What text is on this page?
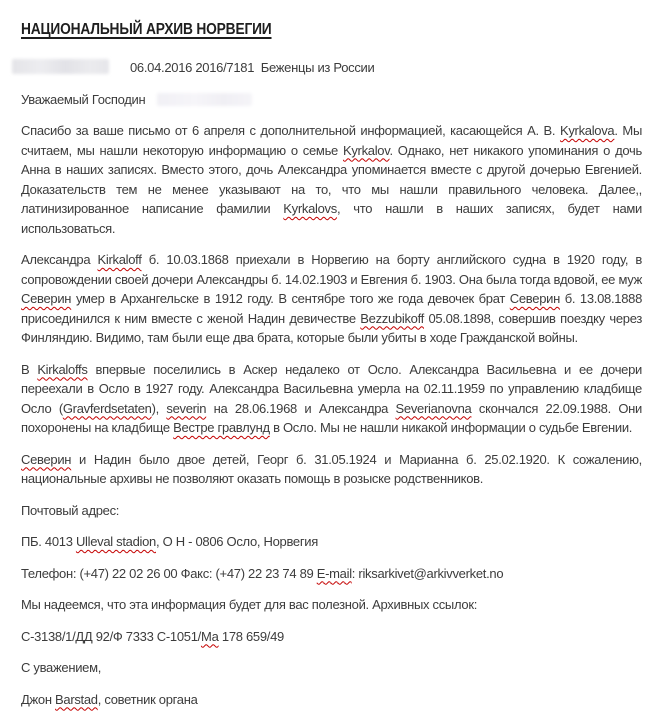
НАЦИОНАЛЬНЫЙ АРХИВ НОРВЕГИИ
06.04.2016 2016/7181  Беженцы из России
Уважаемый Господин

Спасибо за ваше письмо от 6 апреля с дополнительной информацией, касающейся А. В. Kyrkalova. Мы считаем, мы нашли некоторую информацию о семье Kyrkalov. Однако, нет никакого упоминания о дочь Анна в наших записях. Вместо этого, дочь Александра упоминается вместе с другой дочерью Евгенией. Доказательств тем не менее указывают на то, что мы нашли правильного человека. Далее,, латинизированное написание фамилии Kyrkalovs, что нашли в наших записях, будет нами использоваться.

Александра Kirkaloff б. 10.03.1868 приехали в Норвегию на борту английского судна в 1920 году, в сопровождении своей дочери Александры б. 14.02.1903 и Евгения б. 1903. Она была тогда вдовой, ее муж Северин умер в Архангельске в 1912 году. В сентябре того же года девочек брат Северин б. 13.08.1888 присоединился к ним вместе с женой Надин девичестве Bezzubikoff 05.08.1898, совершив поездку через Финляндию. Видимо, там были еще два брата, которые были убиты в ходе Гражданской войны.

В Kirkaloffs впервые поселились в Аскер недалеко от Осло. Александра Васильевна и ее дочери переехали в Осло в 1927 году. Александра Васильевна умерла на 02.11.1959 по управлению кладбище Осло (Gravferdsetaten), severin на 28.06.1968 и Александра Severianovna скончался 22.09.1988. Они похоронены на кладбище Вестре гравлунд в Осло. Мы не нашли никакой информации о судьбе Евгении.

Северин и Надин было двое детей, Георг б. 31.05.1924 и Марианна б. 25.02.1920. К сожалению, национальные архивы не позволяют оказать помощь в розыске родственников.

Почтовый адрес:

ПБ. 4013 Ulleval stadion, О Н - 0806 Осло, Норвегия

Телефон: (+47) 22 02 26 00 Факс: (+47) 22 23 74 89 E-mail: riksarkivet@arkivverket.no

Мы надеемся, что эта информация будет для вас полезной. Архивных ссылок:

С-3138/1/ДД 92/Ф 7333 С-1051/Ма 178 659/49

С уважением,

Джон Barstad, советник органа
